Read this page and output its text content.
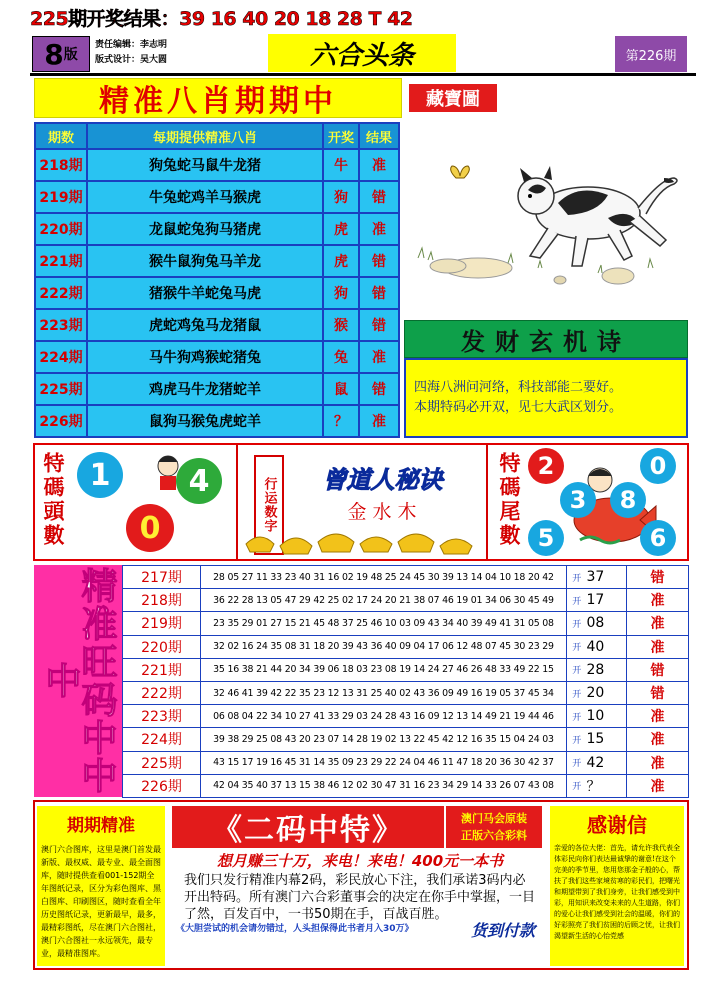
225期开奖结果：39 16 40 20 18 28 T 42
8 版
责任编辑：李志明
版式设计：吴大圆	六合头条	第226期
精准八肖期期中	藏寶圖
期数	每期提供精准八肖	开奖	结果
218期	狗兔蛇马鼠牛龙猪	牛	准
219期	牛兔蛇鸡羊马猴虎	狗	错
220期	龙鼠蛇兔狗马猪虎	虎	准
221期	猴牛鼠狗兔马羊龙	虎	错
222期	猪猴牛羊蛇兔马虎	狗	错
223期	虎蛇鸡兔马龙猪鼠	猴	错
224期	马牛狗鸡猴蛇猪兔	兔	准
225期	鸡虎马牛龙猪蛇羊	鼠	错
226期	鼠狗马猴兔虎蛇羊	？	准
发财玄机诗
四海八洲问河络，科技部能二要好。
本期特码必开双，见七大武区划分。
特碼頭數 1	4
0	行运数字	曾道人秘诀
金水木	特碼尾數 2	0
3	8
5	6
精准旺码中中中
217期	28 05 27 11 33 23 40 31 16 02 19 48 25 24 45 30 39 13 14 04 10 18 20 42	开	37	错
218期	36 22 28 13 05 47 29 42 25 02 17 24 20 21 38 07 46 19 01 34 06 30 45 49	开	17	准
219期	23 35 29 01 27 15 21 45 48 37 25 46 10 03 09 43 34 40 39 49 41 31 05 08	开	08	准
220期	32 02 16 24 35 08 31 18 20 39 43 36 40 09 04 17 06 12 48 07 45 30 23 29	开	40	准
221期	35 16 38 21 44 20 34 39 06 18 03 23 08 19 14 24 27 46 26 48 33 49 22 15	开	28	错
222期	32 46 41 39 42 22 35 23 12 13 31 25 40 02 43 36 09 49 16 19 05 37 45 34	开	20	错
223期	06 08 04 22 34 10 27 41 33 29 03 24 28 43 16 09 12 13 14 49 21 19 44 46	开	10	准
224期	39 38 29 25 08 43 20 23 07 14 28 19 02 13 22 45 42 12 16 35 15 04 24 03	开	15	准
225期	43 15 17 19 16 45 31 14 35 09 23 29 22 24 04 46 11 47 18 20 36 30 42 37	开	42	准
226期	42 04 35 40 37 13 15 38 46 12 02 30 47 31 16 23 34 29 14 33 26 07 43 08	开	？	准
期期精准
澳门六合图库，这里是澳门首发最新版、最权威、最专业、最全面图库，随时提供查看001-152期全年图纸记录，区分为彩色图库、黑白图库、印刷图区，随时查看全年历史图纸记录，更新最早，最多，最精彩图纸，尽在澳门六合图社，澳门六合图社一永远领先，最专业，最精准图库。
《二码中特》	澳门马会原装
正版六合彩料
想月赚三十万，来电！来电！400元一本书
我们只发行精准内幕2码，彩民放心下注，我们承诺3码内必开出特码。所有澳门六合彩董事会的决定在你手中掌握，一目了然，百发百中，一书50期在手，百战百胜。
《大胆尝试的机会请勿错过，人头担保得此书者月入30万》	货到付款
感谢信
亲爱的各位大佬：首先，请允许我代表全体彩民向你们表达最诚挚的谢意!在这个完美的季节里，您用您那金子般的心，帮扶了我们这些家境贫寒的彩民们，把曙光和期望带到了我们身旁，让我们感受到中彩，用知识来改变未来的人生道路，你们的爱心让我们感受到社会的温暖，你们的好彩照亮了我们贫困的后顾之忧，让我们渴望新生活的心怡党感
